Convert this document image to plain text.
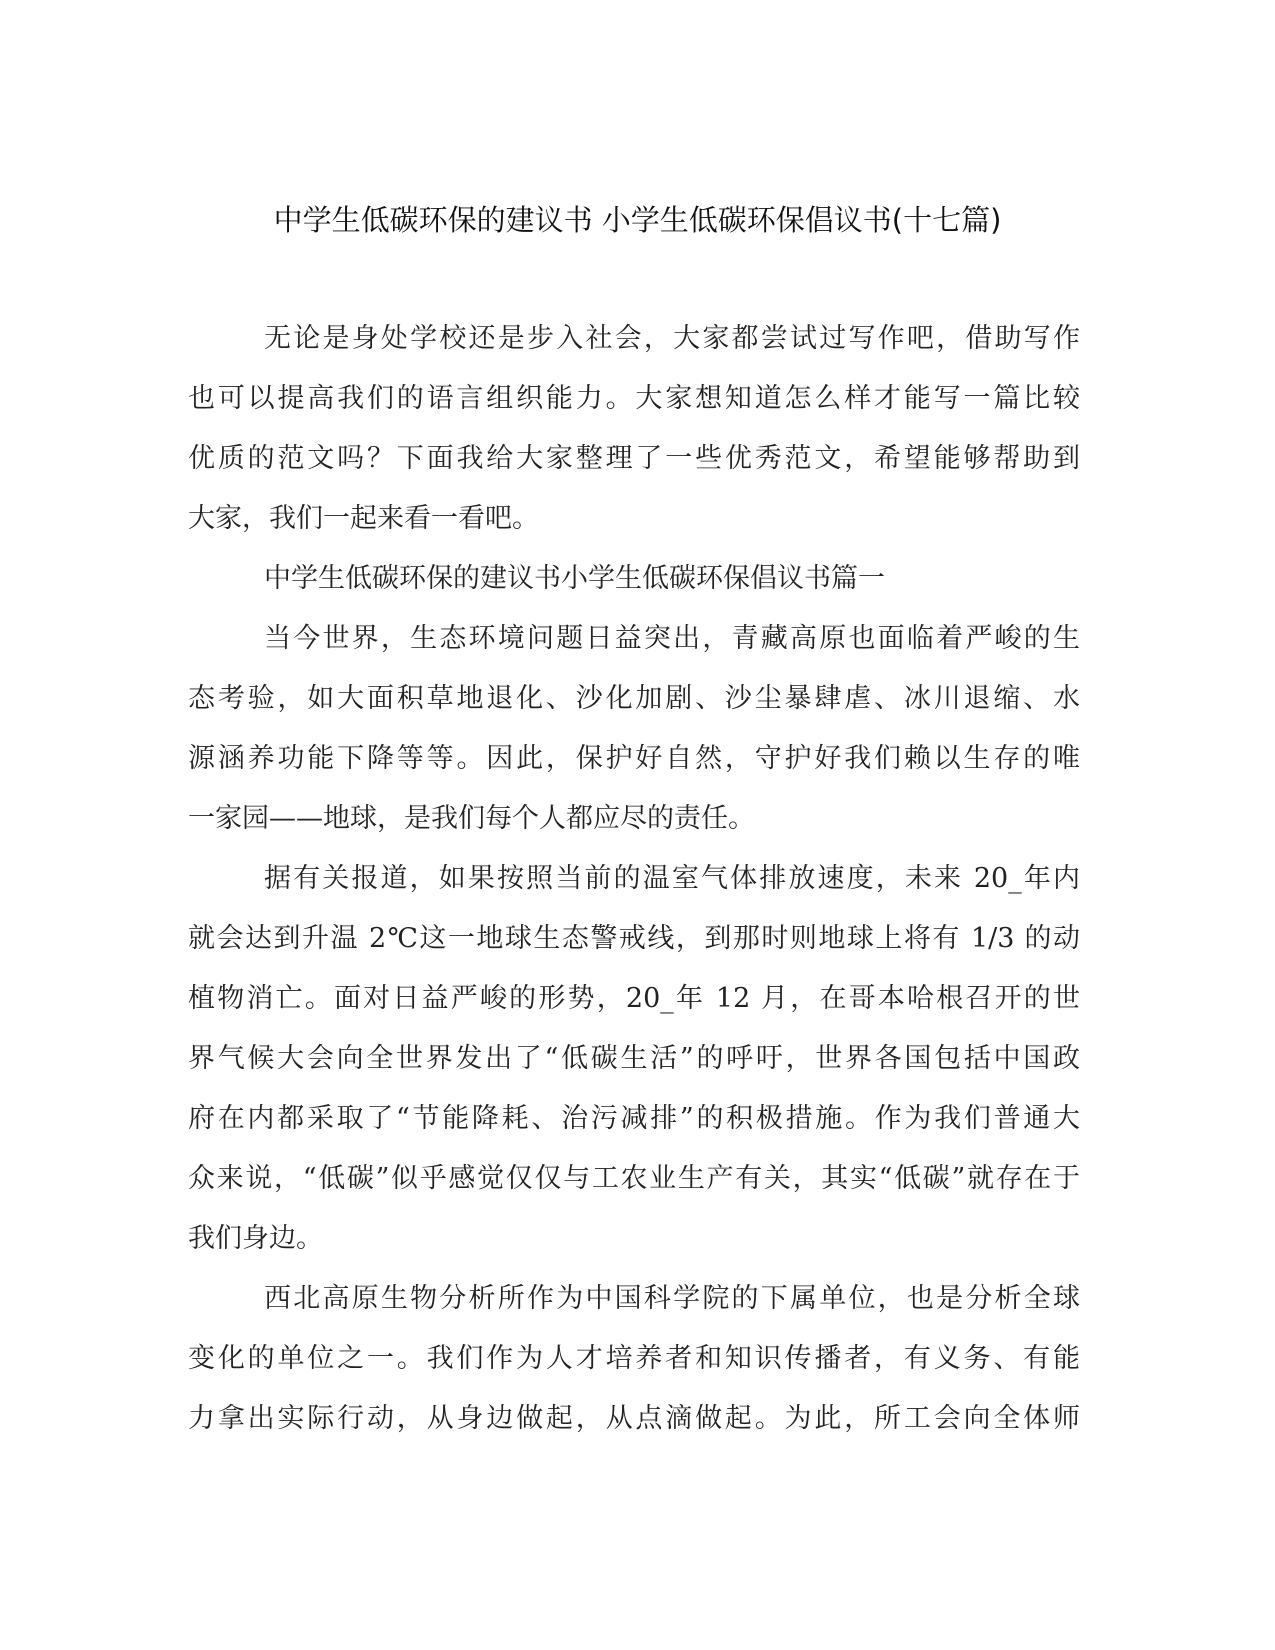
中学生低碳环保的建议书 小学生低碳环保倡议书(十七篇)
无论是身处学校还是步入社会，大家都尝试过写作吧，借助写作
也可以提高我们的语言组织能力。大家想知道怎么样才能写一篇比较
优质的范文吗？下面我给大家整理了一些优秀范文，希望能够帮助到
大家，我们一起来看一看吧。
中学生低碳环保的建议书小学生低碳环保倡议书篇一
当今世界，生态环境问题日益突出，青藏高原也面临着严峻的生
态考验，如大面积草地退化、沙化加剧、沙尘暴肆虐、冰川退缩、水
源涵养功能下降等等。因此，保护好自然，守护好我们赖以生存的唯
一家园——地球，是我们每个人都应尽的责任。
据有关报道，如果按照当前的温室气体排放速度，未来 20_年内
就会达到升温 2℃这一地球生态警戒线，到那时则地球上将有 1/3 的动
植物消亡。面对日益严峻的形势，20_年 12 月，在哥本哈根召开的世
界气候大会向全世界发出了“低碳生活”的呼吁，世界各国包括中国政
府在内都采取了“节能降耗、治污减排”的积极措施。作为我们普通大
众来说，“低碳”似乎感觉仅仅与工农业生产有关，其实“低碳”就存在于
我们身边。
西北高原生物分析所作为中国科学院的下属单位，也是分析全球
变化的单位之一。我们作为人才培养者和知识传播者，有义务、有能
力拿出实际行动，从身边做起，从点滴做起。为此，所工会向全体师
